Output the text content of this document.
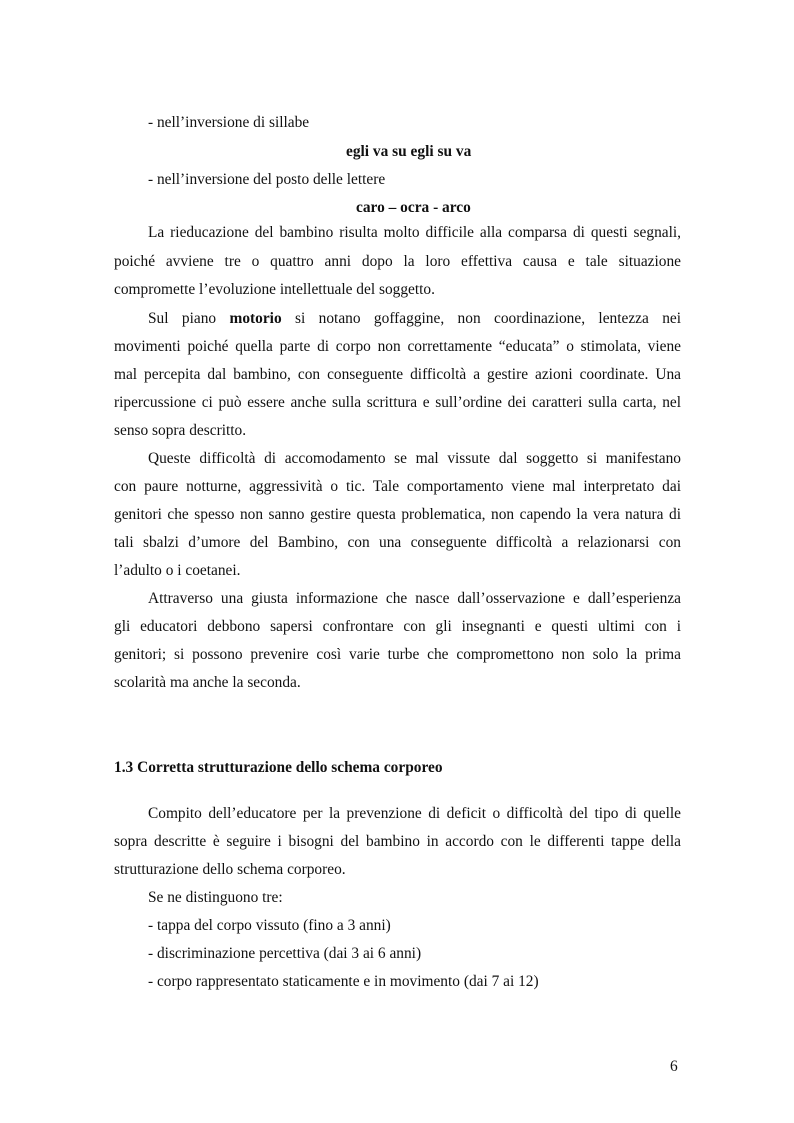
- nell’inversione di sillabe
egli va su egli su va
- nell’inversione del posto delle lettere
caro – ocra - arco
La rieducazione del bambino risulta molto difficile alla comparsa di questi segnali,
poiché avviene tre o quattro anni dopo la loro effettiva causa e tale situazione
compromette l’evoluzione intellettuale del soggetto.
Sul piano motorio si notano goffaggine, non coordinazione, lentezza nei
movimenti poiché quella parte di corpo non correttamente “educata” o stimolata, viene
mal percepita dal bambino, con conseguente difficoltà a gestire azioni coordinate. Una
ripercussione ci può essere anche sulla scrittura e sull’ordine dei caratteri sulla carta, nel
senso sopra descritto.
Queste difficoltà di accomodamento se mal vissute dal soggetto si manifestano
con paure notturne, aggressività o tic. Tale comportamento viene mal interpretato dai
genitori che spesso non sanno gestire questa problematica, non capendo la vera natura di
tali sbalzi d’umore del Bambino, con una conseguente difficoltà a relazionarsi con
l’adulto o i coetanei.
Attraverso una giusta informazione che nasce dall’osservazione e dall’esperienza
gli educatori debbono sapersi confrontare con gli insegnanti e questi ultimi con i
genitori; si possono prevenire così varie turbe che compromettono non solo la prima
scolarità ma anche la seconda.
1.3 Corretta strutturazione dello schema corporeo
Compito dell’educatore per la prevenzione di deficit o difficoltà del tipo di quelle
sopra descritte è seguire i bisogni del bambino in accordo con le differenti tappe della
strutturazione dello schema corporeo.
Se ne distinguono tre:
- tappa del corpo vissuto (fino a 3 anni)
- discriminazione percettiva (dai 3 ai 6 anni)
- corpo rappresentato staticamente e in movimento (dai 7 ai 12)
6
